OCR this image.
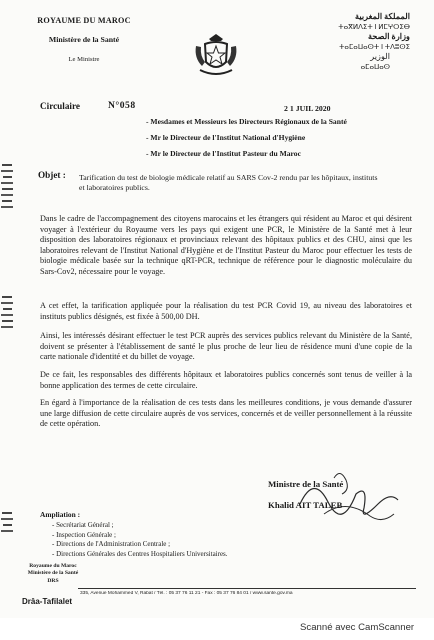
ROYAUME DU MAROC
Ministère de la Santé
Le Ministre
المملكة المغربية
ⵜⴰⴳⵍⴷⵉⵜ ⵏ ⵍⵎⵖⵔⵉⴱ
وزارة الصحة
ⵜⴰⵎⴰⵡⴰⵙⵜ ⵏ ⵜⴷⵓⵙⵉ
الوزير
ⴰⵎⴰⵡⴰⵙ
Circulaire	N°058	2 1 JUIL 2020
- Mesdames et Messieurs les Directeurs Régionaux de la Santé
- Mr le Directeur de l'Institut National d'Hygiène
- Mr le Directeur de l'Institut Pasteur du Maroc
Objet : Tarification du test de biologie médicale relatif au SARS Cov-2 rendu par les hôpitaux, instituts et laboratoires publics.
Dans le cadre de l'accompagnement des citoyens marocains et les étrangers qui résident au Maroc et qui désirent voyager à l'extérieur du Royaume vers les pays qui exigent une PCR, le Ministère de la Santé met à leur disposition des laboratoires régionaux et provinciaux relevant des hôpitaux publics et des CHU, ainsi que les laboratoires relevant de l'Institut National d'Hygiène et de l'Institut Pasteur du Maroc pour effectuer les tests de biologie médicale basée sur la technique qRT-PCR, technique de référence pour le diagnostic moléculaire du Sars-Cov2, nécessaire pour le voyage.
A cet effet, la tarification appliquée pour la réalisation du test PCR Covid 19, au niveau des laboratoires et instituts publics désignés, est fixée à 500,00 DH.
Ainsi, les intéressés désirant effectuer le test PCR auprès des services publics relevant du Ministère de la Santé, doivent se présenter à l'établissement de santé le plus proche de leur lieu de résidence muni d'une copie de la carte nationale d'identité et du billet de voyage.
De ce fait, les responsables des différents hôpitaux et laboratoires publics concernés sont tenus de veiller à la bonne application des termes de cette circulaire.
En égard à l'importance de la réalisation de ces tests dans les meilleures conditions, je vous demande d'assurer une large diffusion de cette circulaire auprès de vos services, concernés et de veiller personnellement à la réussite de cette opération.
Ministre de la Santé
Khalid AIT TALEB
Ampliation :
- Secrétariat Général ;
- Inspection Générale ;
- Directions de l'Administration Centrale ;
- Directions Générales des Centres Hospitaliers Universitaires.
Royaume du Maroc
Ministère de la Santé
DRS
Drâa-Tafilalet
335, Avenue Mohammed V, Rabat / Tél. : 05 37 76 11 21 - Fax : 05 37 76 84 01 / www.sante.gov.ma
Scanné avec CamScanner
